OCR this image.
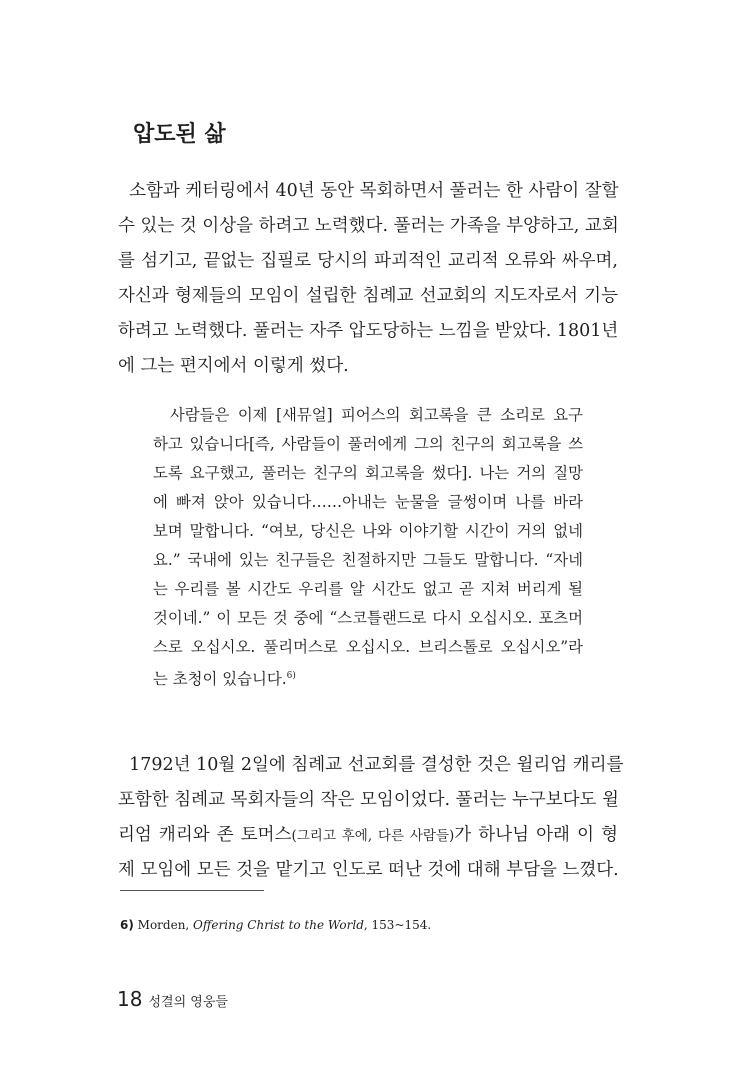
압도된 삶
소함과 케터링에서 40년 동안 목회하면서 풀러는 한 사람이 잘할
수 있는 것 이상을 하려고 노력했다. 풀러는 가족을 부양하고, 교회
를 섬기고, 끝없는 집필로 당시의 파괴적인 교리적 오류와 싸우며,
자신과 형제들의 모임이 설립한 침례교 선교회의 지도자로서 기능
하려고 노력했다. 풀러는 자주 압도당하는 느낌을 받았다. 1801년
에 그는 편지에서 이렇게 썼다.
사람들은 이제 [새뮤얼] 피어스의 회고록을 큰 소리로 요구
하고 있습니다[즉, 사람들이 풀러에게 그의 친구의 회고록을 쓰
도록 요구했고, 풀러는 친구의 회고록을 썼다]. 나는 거의 질망
에 빠져 앉아 있습니다……아내는 눈물을 글썽이며 나를 바라
보며 말합니다. “여보, 당신은 나와 이야기할 시간이 거의 없네
요.” 국내에 있는 친구들은 친절하지만 그들도 말합니다. “자네
는 우리를 볼 시간도 우리를 알 시간도 없고 곧 지쳐 버리게 될
것이네.” 이 모든 것 중에 “스코틀랜드로 다시 오십시오. 포츠머
스로 오십시오. 풀리머스로 오십시오. 브리스톨로 오십시오”라
는 초청이 있습니다.$^{6)}$
1792년 10월 2일에 침례교 선교회를 결성한 것은 윌리엄 캐리를
포함한 침례교 목회자들의 작은 모임이었다. 풀러는 누구보다도 윌
리엄 캐리와 존 토머스(그리고 후에, 다른 사람들)가 하나님 아래 이 형
제 모임에 모든 것을 맡기고 인도로 떠난 것에 대해 부담을 느꼈다.
6) Morden, Offering Christ to the World, 153~154.
18 성결의 영웅들
